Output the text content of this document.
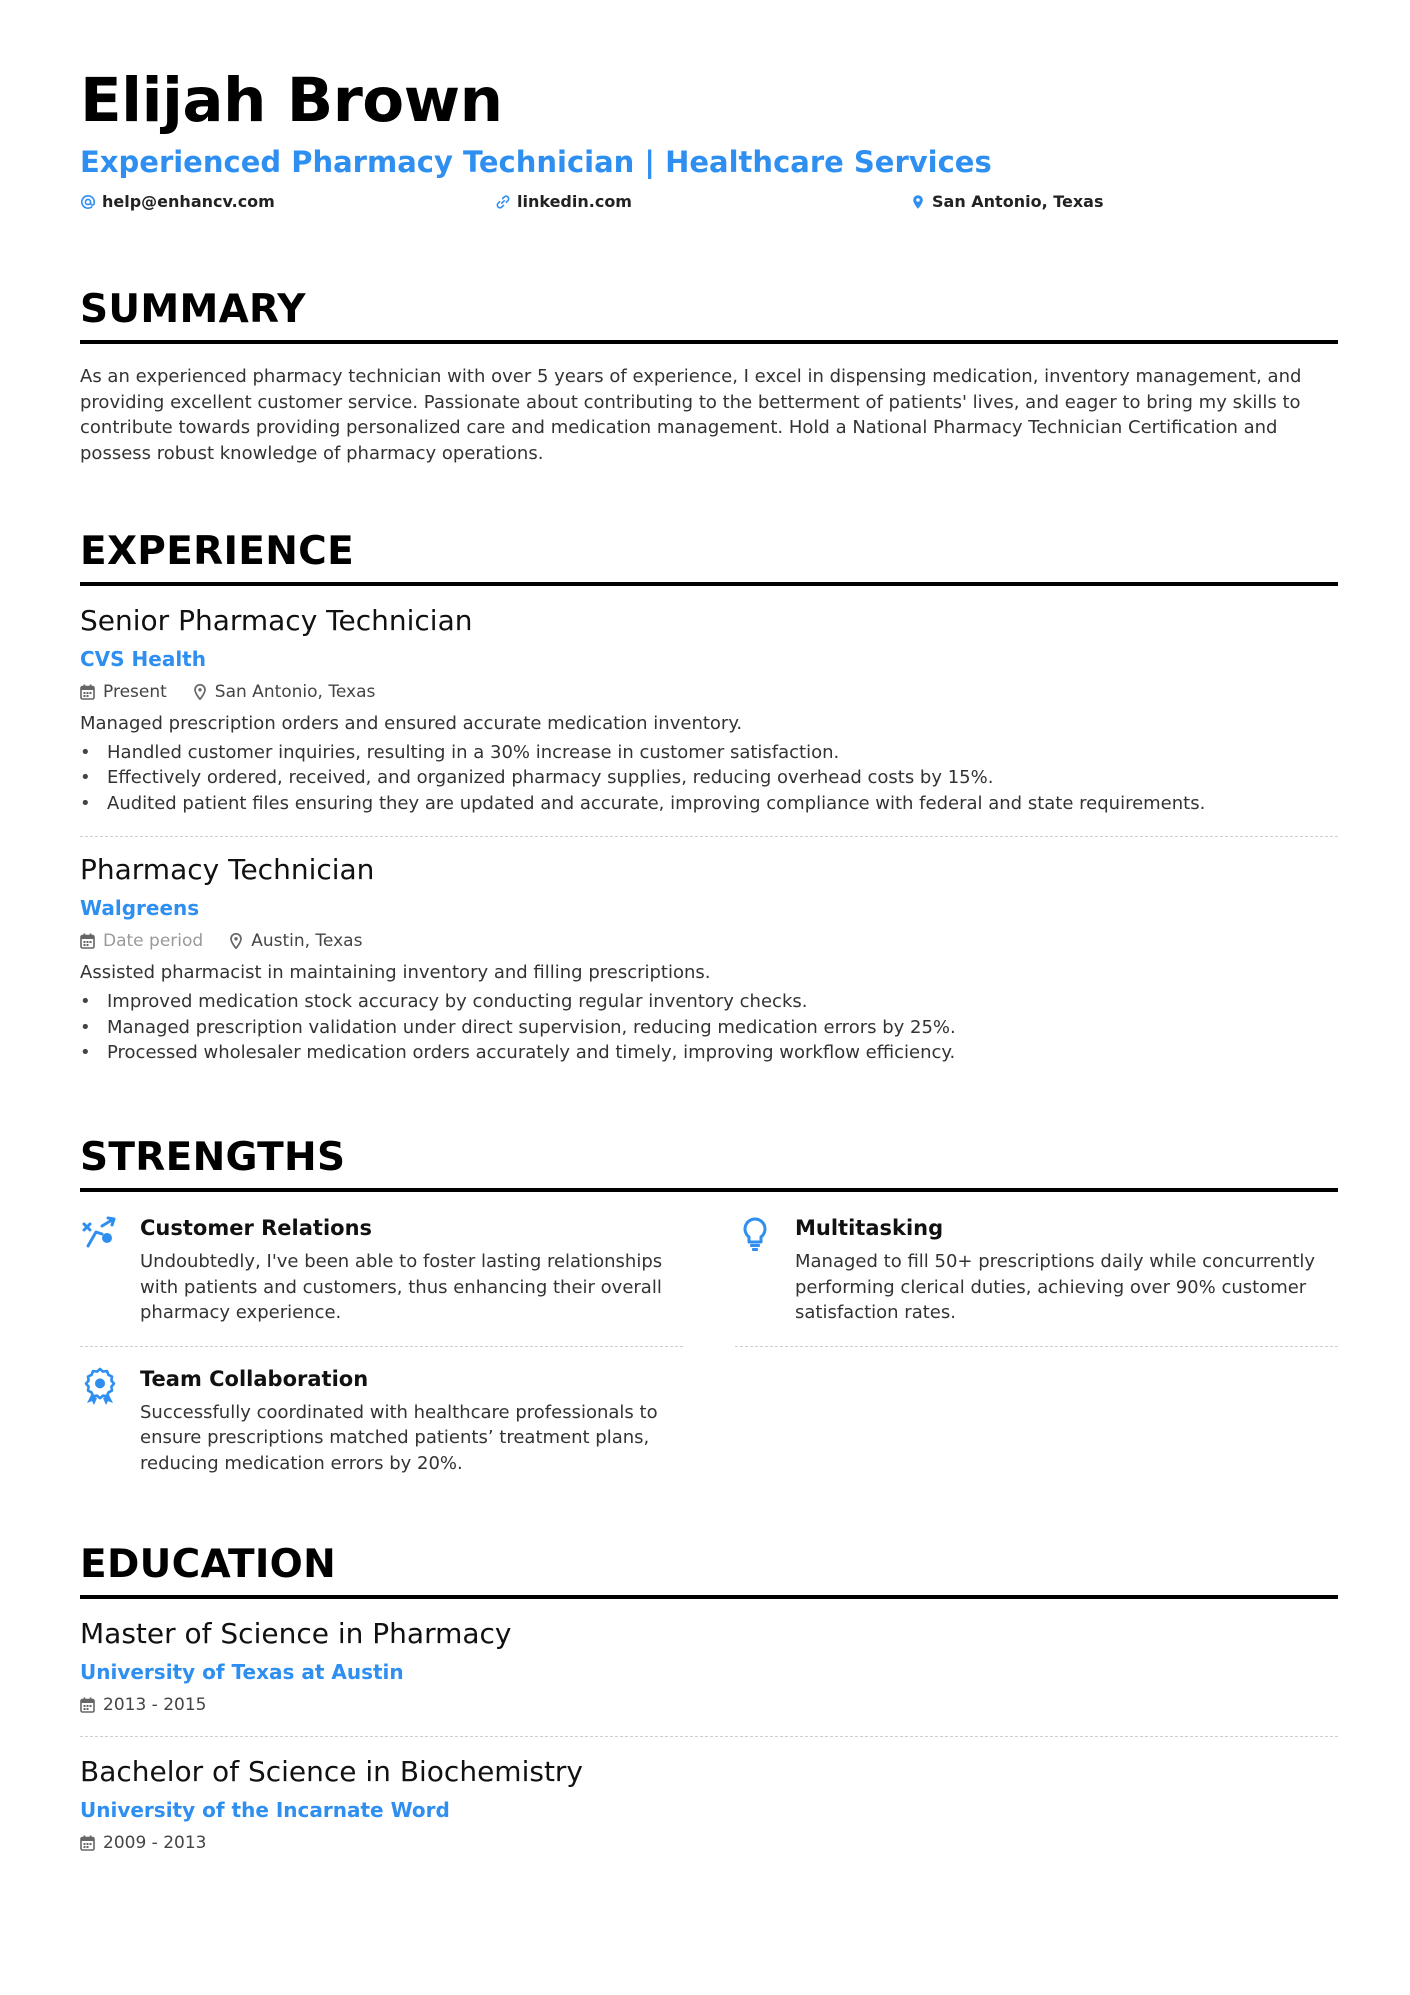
Elijah Brown
Experienced Pharmacy Technician | Healthcare Services
help@enhancv.com	linkedin.com	San Antonio, Texas
SUMMARY
As an experienced pharmacy technician with over 5 years of experience, I excel in dispensing medication, inventory management, and providing excellent customer service. Passionate about contributing to the betterment of patients' lives, and eager to bring my skills to contribute towards providing personalized care and medication management. Hold a National Pharmacy Technician Certification and possess robust knowledge of pharmacy operations.
EXPERIENCE
Senior Pharmacy Technician
CVS Health
Present	San Antonio, Texas
Managed prescription orders and ensured accurate medication inventory.
• Handled customer inquiries, resulting in a 30% increase in customer satisfaction.
• Effectively ordered, received, and organized pharmacy supplies, reducing overhead costs by 15%.
• Audited patient files ensuring they are updated and accurate, improving compliance with federal and state requirements.
Pharmacy Technician
Walgreens
Date period	Austin, Texas
Assisted pharmacist in maintaining inventory and filling prescriptions.
• Improved medication stock accuracy by conducting regular inventory checks.
• Managed prescription validation under direct supervision, reducing medication errors by 25%.
• Processed wholesaler medication orders accurately and timely, improving workflow efficiency.
STRENGTHS
Customer Relations
Undoubtedly, I've been able to foster lasting relationships with patients and customers, thus enhancing their overall pharmacy experience.
Multitasking
Managed to fill 50+ prescriptions daily while concurrently performing clerical duties, achieving over 90% customer satisfaction rates.
Team Collaboration
Successfully coordinated with healthcare professionals to ensure prescriptions matched patients’ treatment plans, reducing medication errors by 20%.
EDUCATION
Master of Science in Pharmacy
University of Texas at Austin
2013 - 2015
Bachelor of Science in Biochemistry
University of the Incarnate Word
2009 - 2013
